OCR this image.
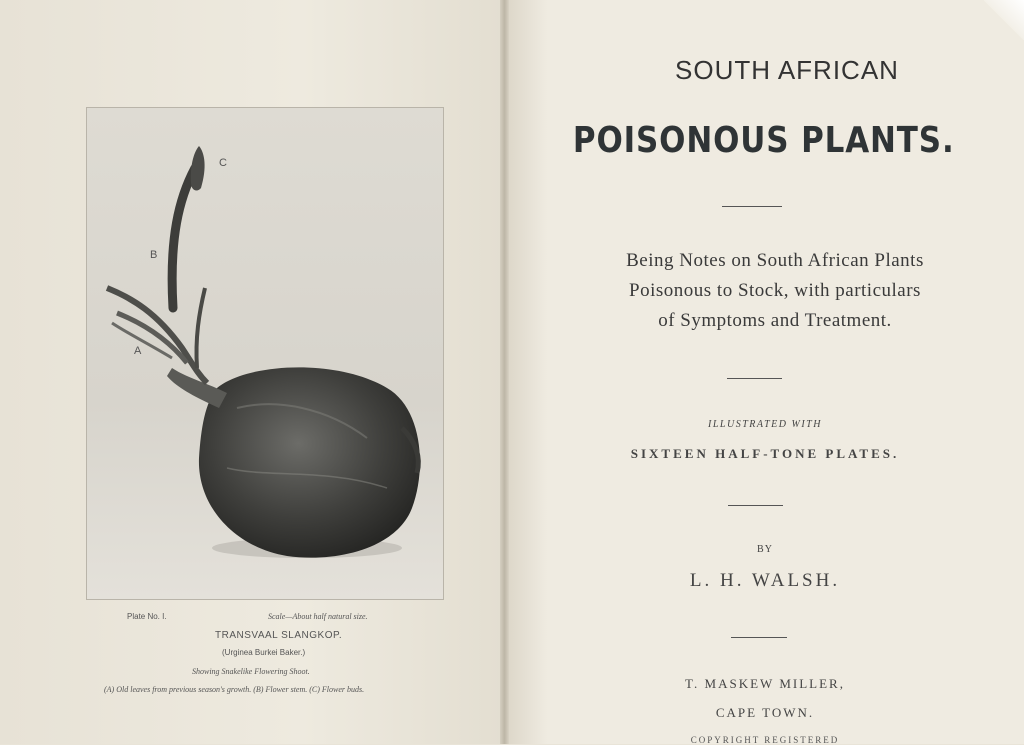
C
B
A
Plate No. I.	Scale—About half natural size.
TRANSVAAL SLANGKOP.
(Urginea Burkei Baker.)
Showing Snakelike Flowering Shoot.
(A) Old leaves from previous season's growth. (B) Flower stem. (C) Flower buds.
SOUTH AFRICAN
POISONOUS PLANTS.
Being Notes on South African Plants
Poisonous to Stock, with particulars
of Symptoms and Treatment.
ILLUSTRATED WITH
SIXTEEN HALF-TONE PLATES.
BY
L. H. WALSH.
T. MASKEW MILLER,
CAPE TOWN.
COPYRIGHT REGISTERED
